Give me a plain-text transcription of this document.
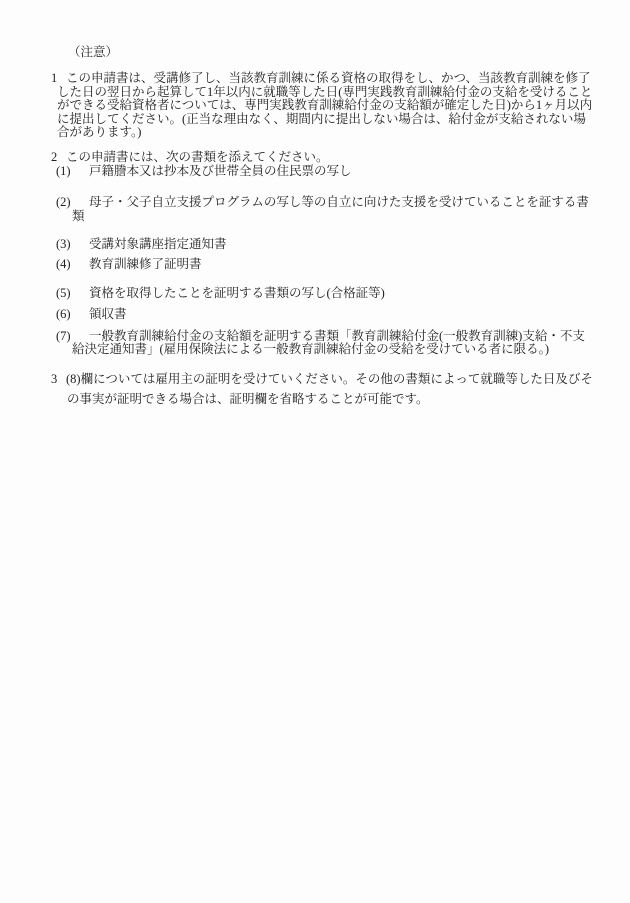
（注意）

1 この申請書は、受講修了し、当該教育訓練に係る資格の取得をし、かつ、当該教育訓練を修了した日の翌日から起算して1年以内に就職等した日(専門実践教育訓練給付金の支給を受けることができる受給資格者については、専門実践教育訓練給付金の支給額が確定した日)から1ヶ月以内に提出してください。(正当な理由なく、期間内に提出しない場合は、給付金が支給されない場合があります。)

2 この申請書には、次の書類を添えてください。

(1) 戸籍謄本又は抄本及び世帯全員の住民票の写し

(2) 母子・父子自立支援プログラムの写し等の自立に向けた支援を受けていることを証する書類

(3) 受講対象講座指定通知書

(4) 教育訓練修了証明書

(5) 資格を取得したことを証明する書類の写し(合格証等)

(6) 領収書

(7) 一般教育訓練給付金の支給額を証明する書類「教育訓練給付金(一般教育訓練)支給・不支給決定通知書」(雇用保険法による一般教育訓練給付金の受給を受けている者に限る。)

3 (8)欄については雇用主の証明を受けていください。その他の書類によって就職等した日及びその事実が証明できる場合は、証明欄を省略することが可能です。
